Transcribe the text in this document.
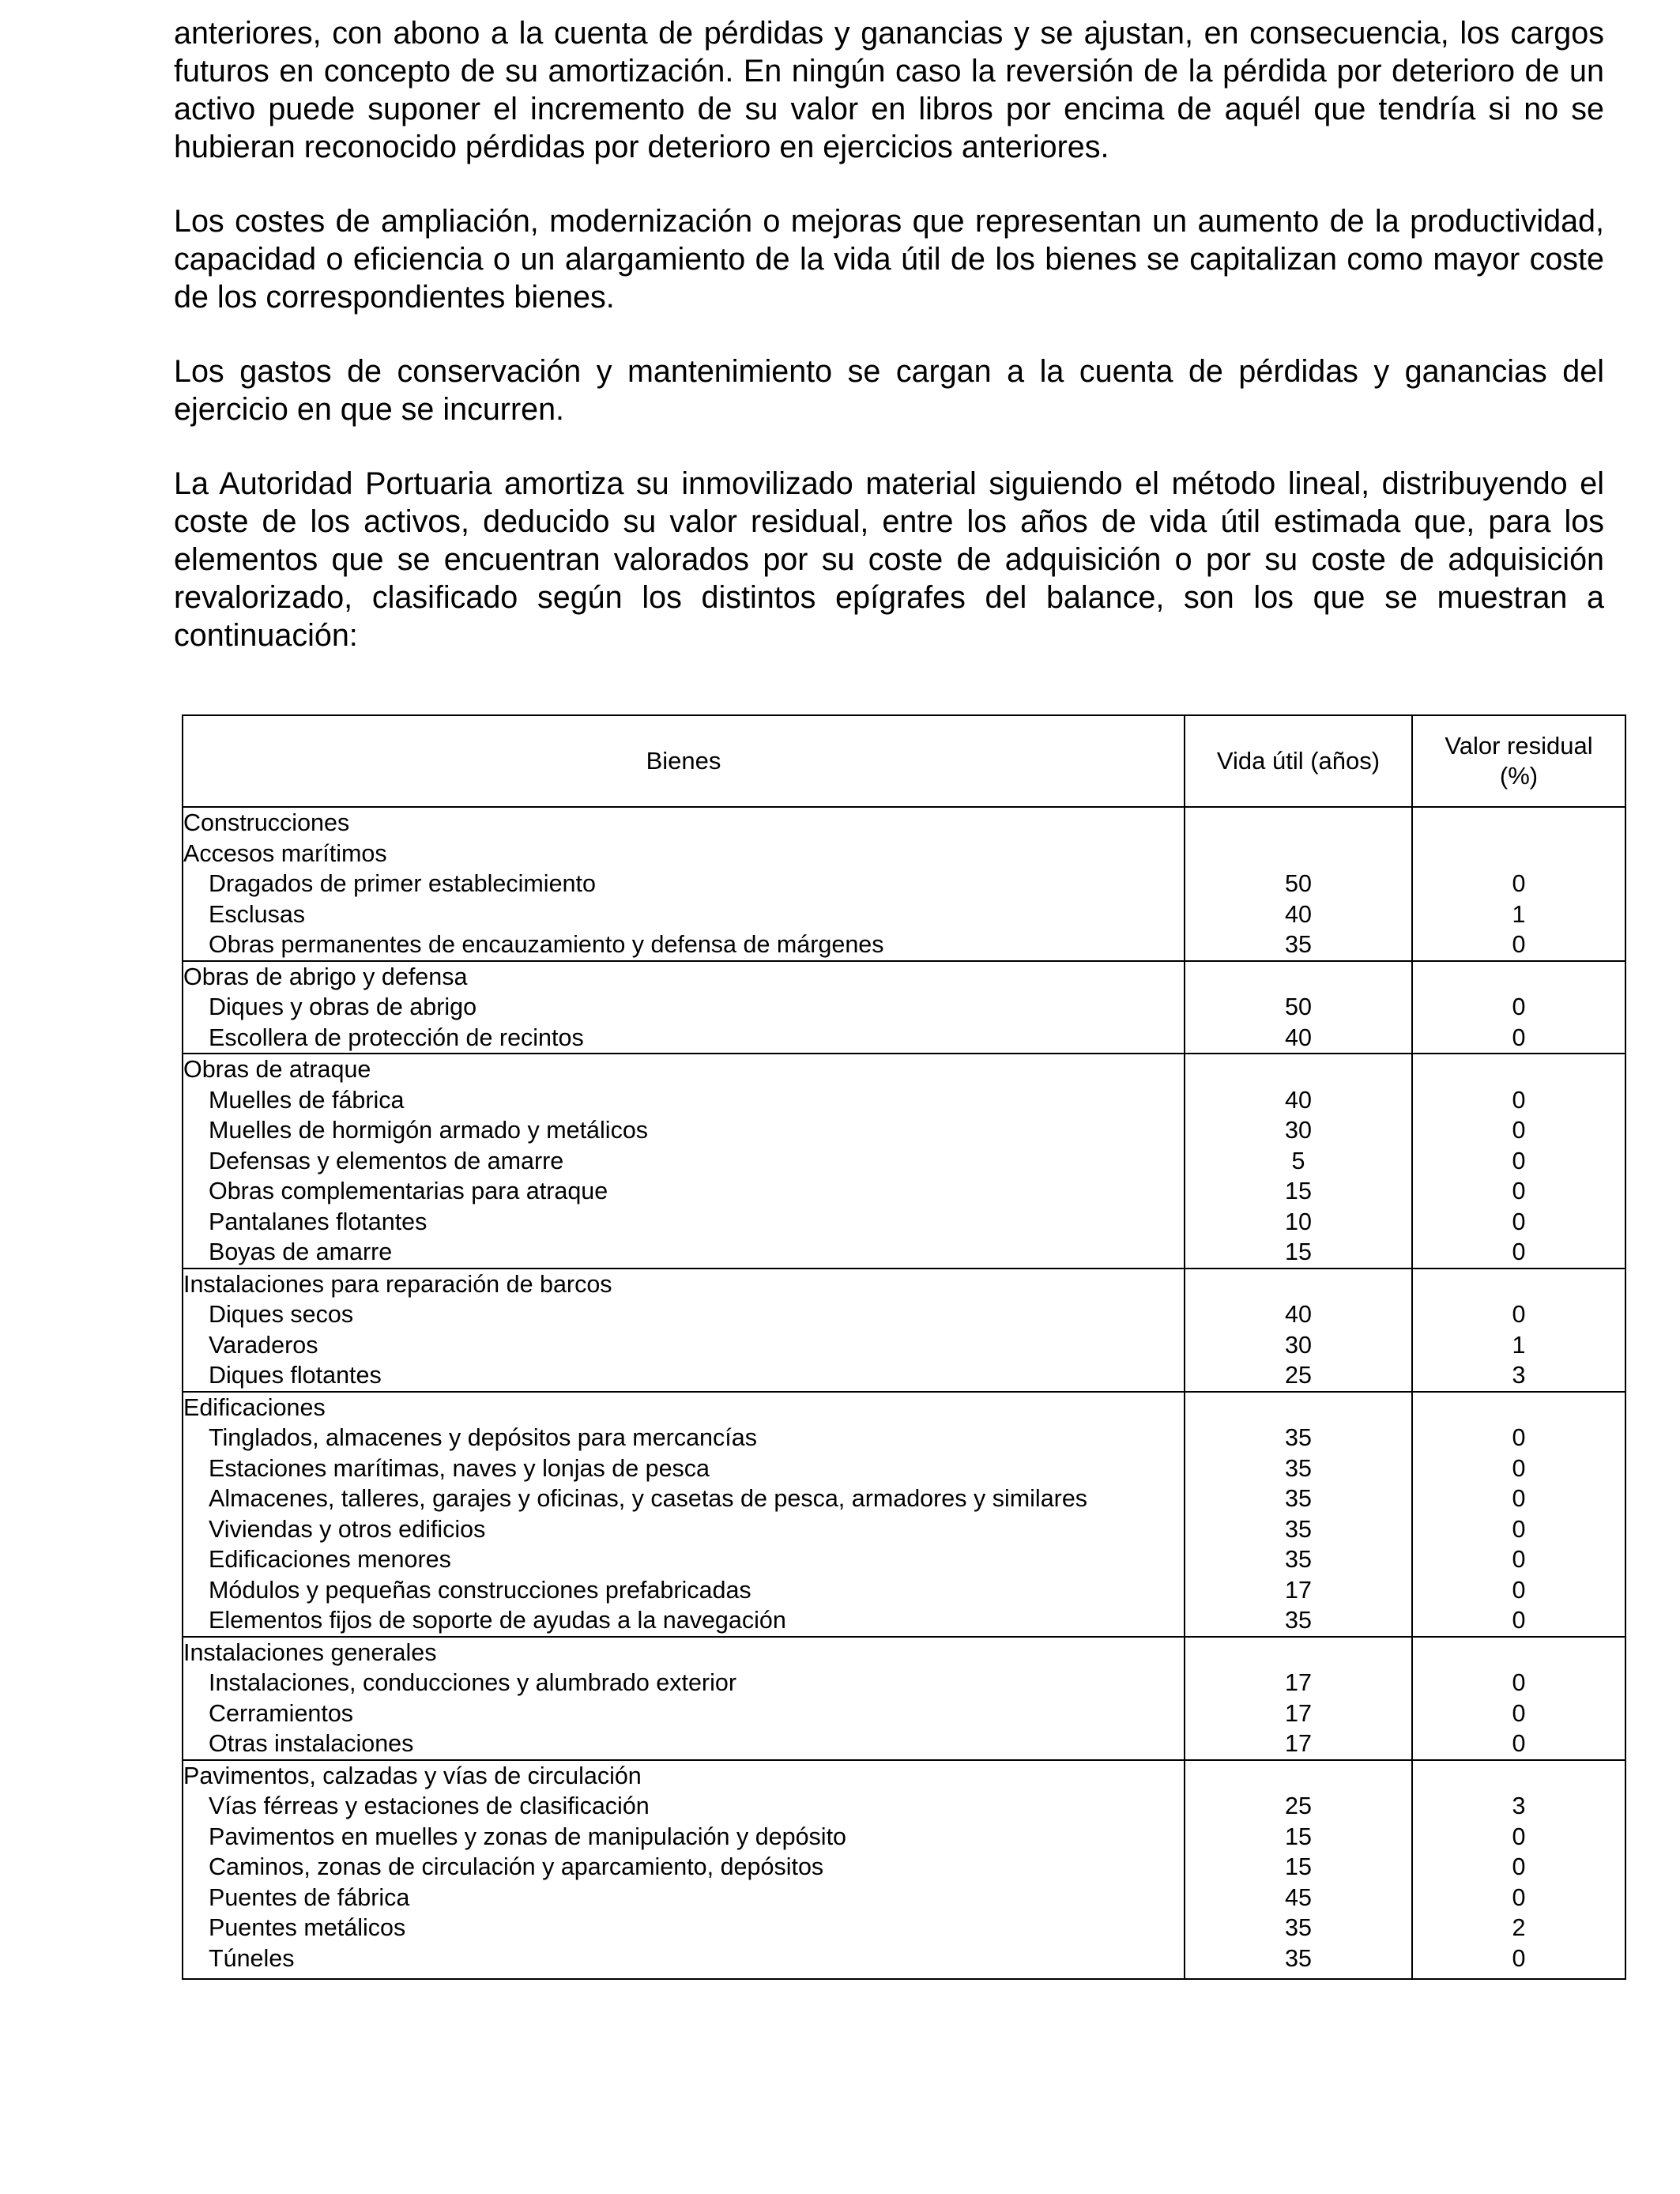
anteriores, con abono a la cuenta de pérdidas y ganancias y se ajustan, en consecuencia, los cargos futuros en concepto de su amortización. En ningún caso la reversión de la pérdida por deterioro de un activo puede suponer el incremento de su valor en libros por encima de aquél que tendría si no se hubieran reconocido pérdidas por deterioro en ejercicios anteriores.

Los costes de ampliación, modernización o mejoras que representan un aumento de la productividad, capacidad o eficiencia o un alargamiento de la vida útil de los bienes se capitalizan como mayor coste de los correspondientes bienes.

Los gastos de conservación y mantenimiento se cargan a la cuenta de pérdidas y ganancias del ejercicio en que se incurren.

La Autoridad Portuaria amortiza su inmovilizado material siguiendo el método lineal, distribuyendo el coste de los activos, deducido su valor residual, entre los años de vida útil estimada que, para los elementos que se encuentran valorados por su coste de adquisición o por su coste de adquisición revalorizado, clasificado según los distintos epígrafes del balance, son los que se muestran a continuación:

Bienes	Vida útil (años)	Valor residual (%)
Construcciones		
Accesos marítimos		
Dragados de primer establecimiento	50	0
Esclusas	40	1
Obras permanentes de encauzamiento y defensa de márgenes	35	0
Obras de abrigo y defensa		
Diques y obras de abrigo	50	0
Escollera de protección de recintos	40	0
Obras de atraque		
Muelles de fábrica	40	0
Muelles de hormigón armado y metálicos	30	0
Defensas y elementos de amarre	5	0
Obras complementarias para atraque	15	0
Pantalanes flotantes	10	0
Boyas de amarre	15	0
Instalaciones para reparación de barcos		
Diques secos	40	0
Varaderos	30	1
Diques flotantes	25	3
Edificaciones		
Tinglados, almacenes y depósitos para mercancías	35	0
Estaciones marítimas, naves y lonjas de pesca	35	0
Almacenes, talleres, garajes y oficinas, y casetas de pesca, armadores y similares	35	0
Viviendas y otros edificios	35	0
Edificaciones menores	35	0
Módulos y pequeñas construcciones prefabricadas	17	0
Elementos fijos de soporte de ayudas a la navegación	35	0
Instalaciones generales		
Instalaciones, conducciones y alumbrado exterior	17	0
Cerramientos	17	0
Otras instalaciones	17	0
Pavimentos, calzadas y vías de circulación		
Vías férreas y estaciones de clasificación	25	3
Pavimentos en muelles y zonas de manipulación y depósito	15	0
Caminos, zonas de circulación y aparcamiento, depósitos	15	0
Puentes de fábrica	45	0
Puentes metálicos	35	2
Túneles	35	0
